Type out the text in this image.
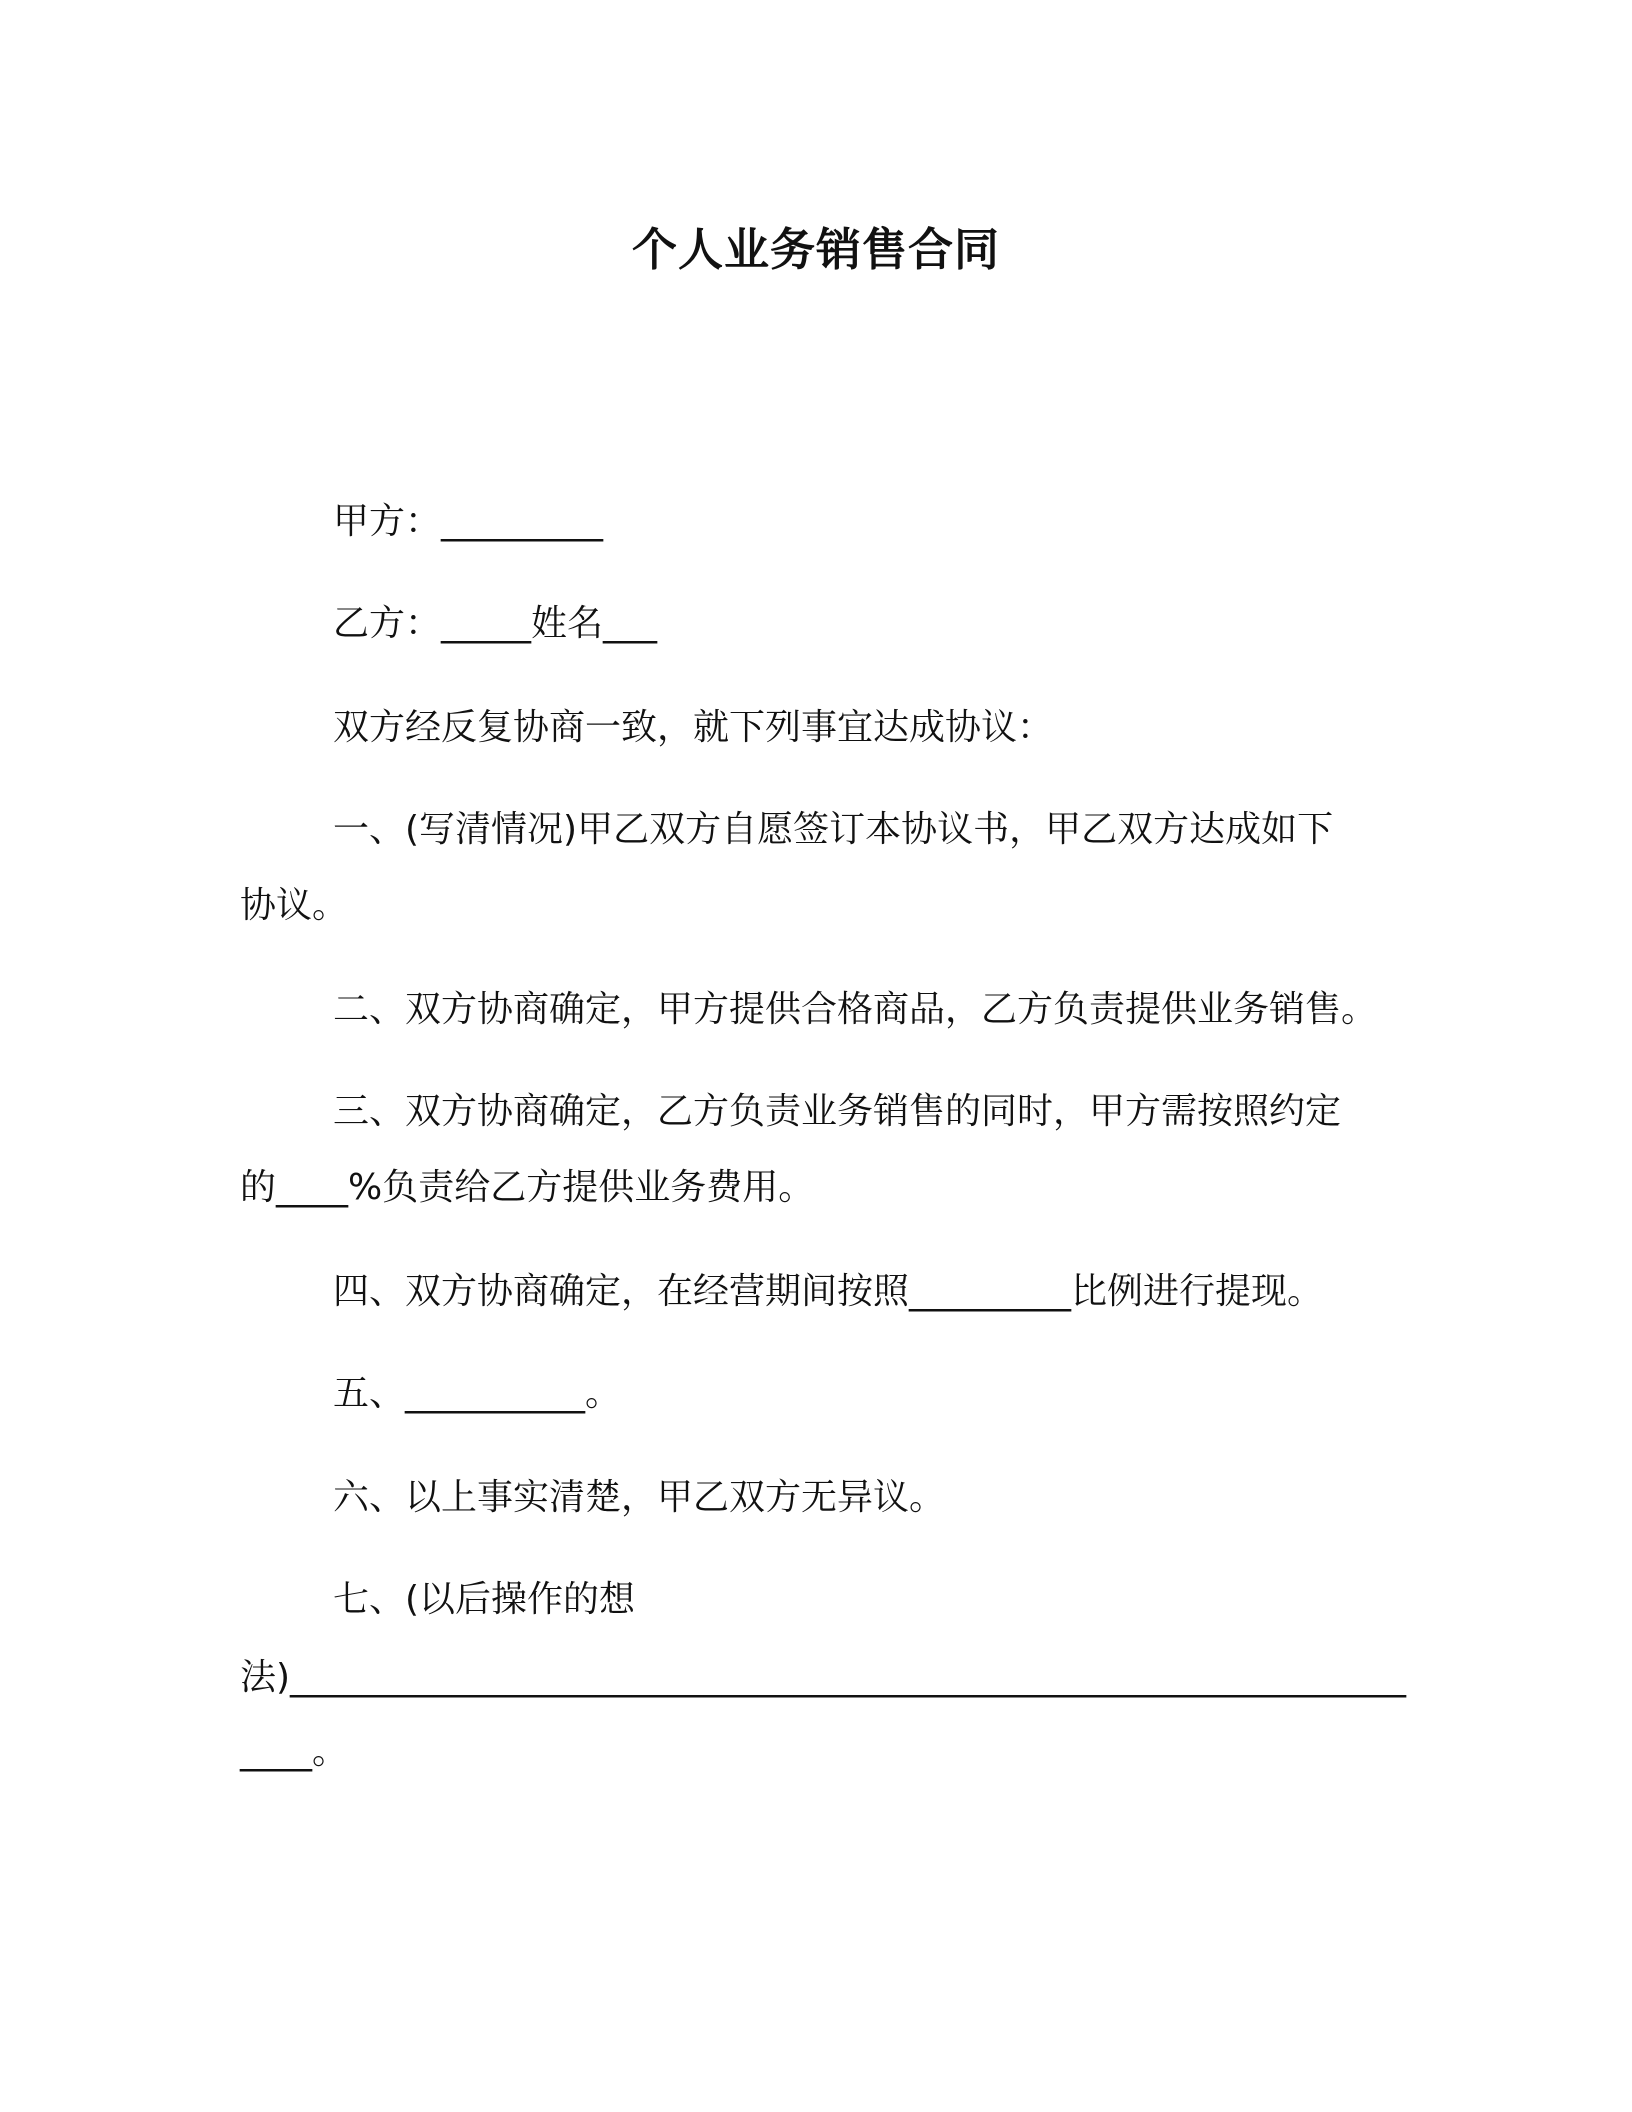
个人业务销售合同

甲方：_________

乙方：_____姓名___

双方经反复协商一致，就下列事宜达成协议：

一、(写清情况)甲乙双方自愿签订本协议书，甲乙双方达成如下

协议。

二、双方协商确定，甲方提供合格商品，乙方负责提供业务销售。

三、双方协商确定，乙方负责业务销售的同时，甲方需按照约定

的____%负责给乙方提供业务费用。

四、双方协商确定，在经营期间按照_________比例进行提现。

五、__________。

六、以上事实清楚，甲乙双方无异议。

七、(以后操作的想

法)______________________________________________________________

____。
